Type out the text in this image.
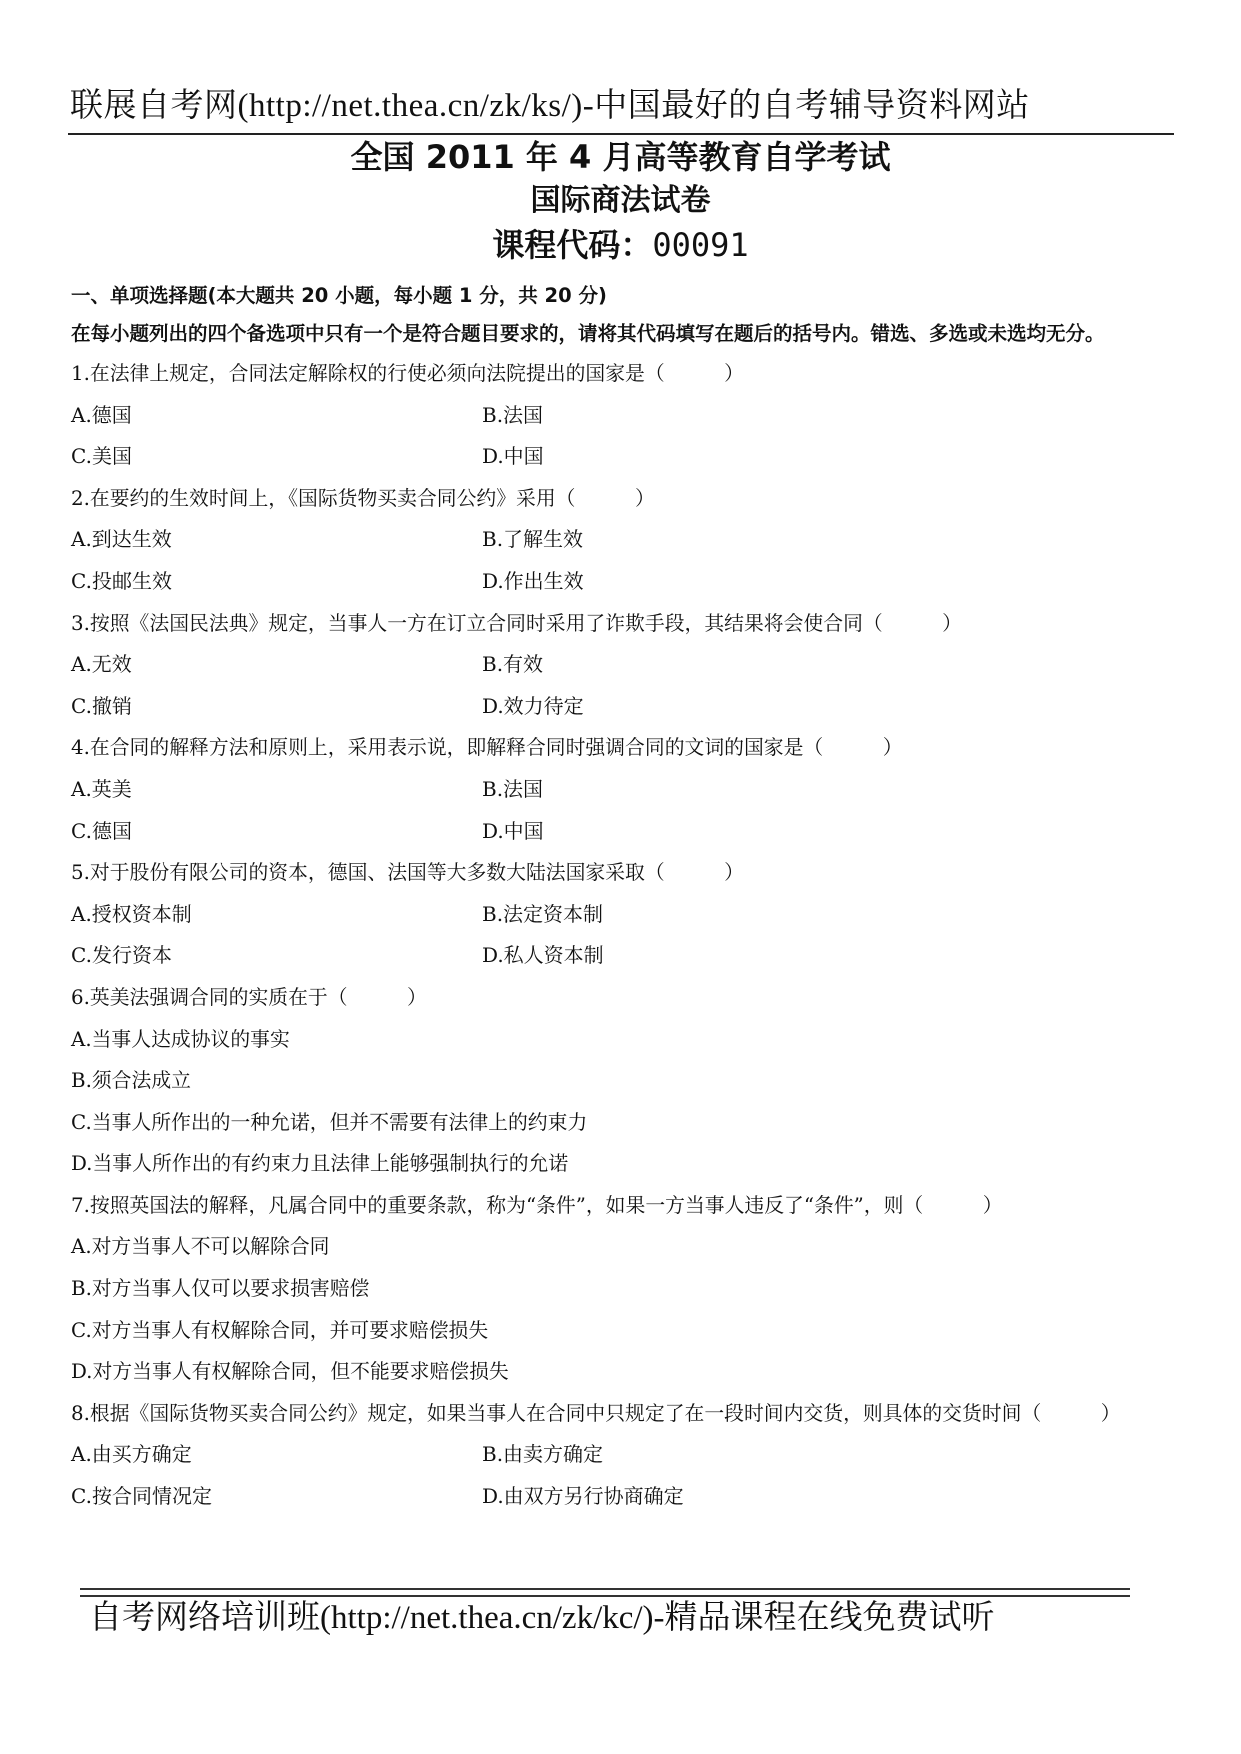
联展自考网(http://net.thea.cn/zk/ks/)-中国最好的自考辅导资料网站
全国 2011 年 4 月高等教育自学考试
国际商法试卷
课程代码：00091
一、单项选择题(本大题共 20 小题，每小题 1 分，共 20 分)
在每小题列出的四个备选项中只有一个是符合题目要求的，请将其代码填写在题后的括号内。错选、多选或未选均无分。
1.在法律上规定，合同法定解除权的行使必须向法院提出的国家是（　　　）
A.德国	B.法国
C.美国	D.中国
2.在要约的生效时间上，《国际货物买卖合同公约》采用（　　　）
A.到达生效	B.了解生效
C.投邮生效	D.作出生效
3.按照《法国民法典》规定，当事人一方在订立合同时采用了诈欺手段，其结果将会使合同（　　　）
A.无效	B.有效
C.撤销	D.效力待定
4.在合同的解释方法和原则上，采用表示说，即解释合同时强调合同的文词的国家是（　　　）
A.英美	B.法国
C.德国	D.中国
5.对于股份有限公司的资本，德国、法国等大多数大陆法国家采取（　　　）
A.授权资本制	B.法定资本制
C.发行资本	D.私人资本制
6.英美法强调合同的实质在于（　　　）
A.当事人达成协议的事实
B.须合法成立
C.当事人所作出的一种允诺，但并不需要有法律上的约束力
D.当事人所作出的有约束力且法律上能够强制执行的允诺
7.按照英国法的解释，凡属合同中的重要条款，称为“条件”，如果一方当事人违反了“条件”，则（　　　）
A.对方当事人不可以解除合同
B.对方当事人仅可以要求损害赔偿
C.对方当事人有权解除合同，并可要求赔偿损失
D.对方当事人有权解除合同，但不能要求赔偿损失
8.根据《国际货物买卖合同公约》规定，如果当事人在合同中只规定了在一段时间内交货，则具体的交货时间（　　　）
A.由买方确定	B.由卖方确定
C.按合同情况定	D.由双方另行协商确定
自考网络培训班(http://net.thea.cn/zk/kc/)-精品课程在线免费试听
